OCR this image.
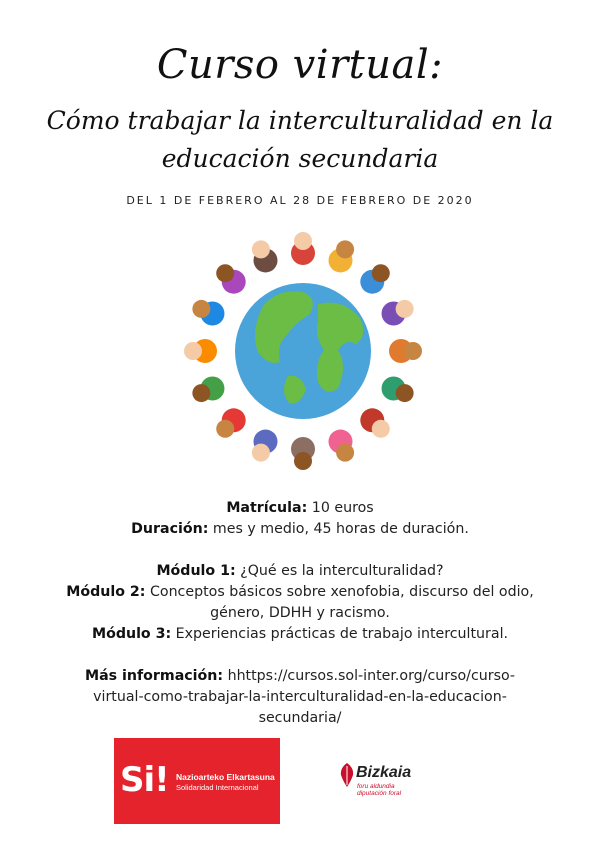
Curso virtual:
Cómo trabajar la interculturalidad en la
educación secundaria
DEL 1 DE FEBRERO AL 28 DE FEBRERO DE 2020

Matrícula: 10 euros

Duración: mes y medio, 45 horas de duración.

Módulo 1: ¿Qué es la interculturalidad?

Módulo 2: Conceptos básicos sobre xenofobia, discurso del odio,

género, DDHH y racismo.

Módulo 3: Experiencias prácticas de trabajo intercultural.

Más información: hhttps://cursos.sol-inter.org/curso/curso-

virtual-como-trabajar-la-interculturalidad-en-la-educacion-

secundaria/

Si! Nazioarteko Elkartasuna
Solidaridad Internacional
Bizkaia
foru aldundia
diputación foral
